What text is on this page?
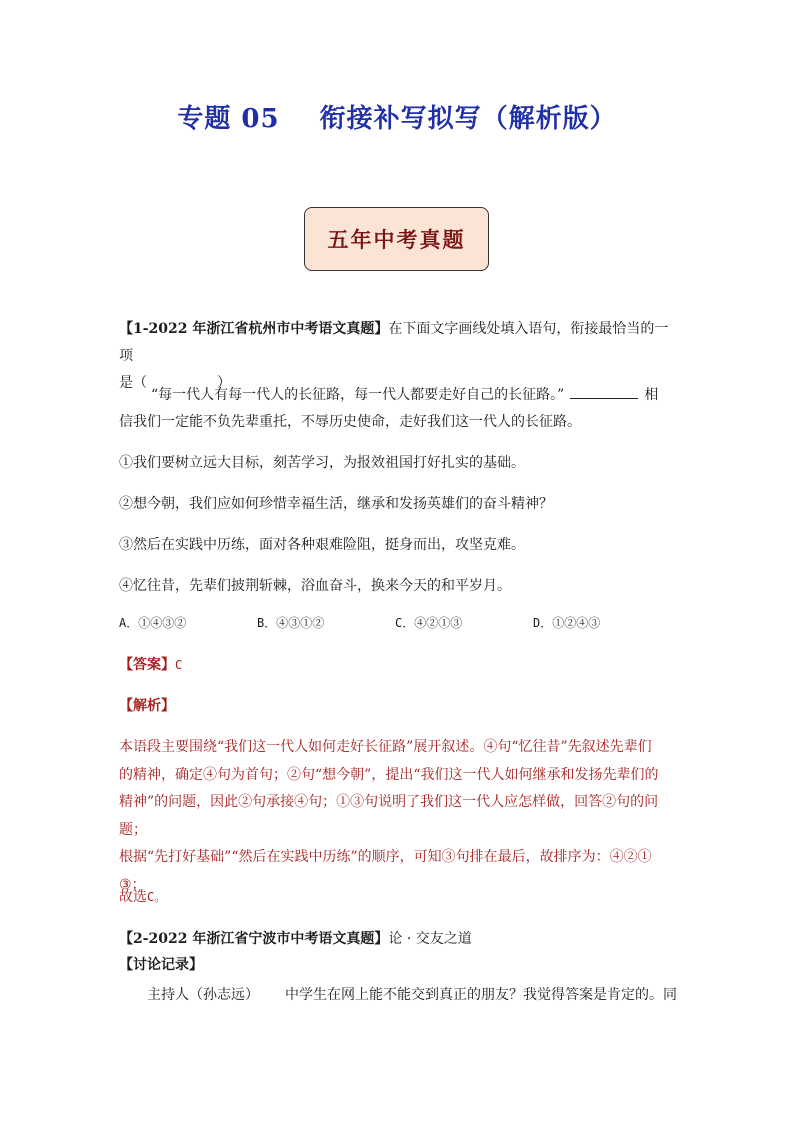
专题 05 衔接补写拟写（解析版）
五年中考真题
【1-2022 年浙江省杭州市中考语文真题】在下面文字画线处填入语句，衔接最恰当的一项
是（　　　　　）
“每一代人有每一代人的长征路，每一代人都要走好自己的长征路。”	相
信我们一定能不负先辈重托，不辱历史使命，走好我们这一代人的长征路。
①我们要树立远大目标，刻苦学习，为报效祖国打好扎实的基础。
②想今朝，我们应如何珍惜幸福生活，继承和发扬英雄们的奋斗精神？
③然后在实践中历练，面对各种艰难险阻，挺身而出，攻坚克难。
④忆往昔，先辈们披荆斩棘，浴血奋斗，换来今天的和平岁月。
A．①④③②	B．④③①②	C．④②①③	D．①②④③
【答案】C
【解析】
本语段主要围绕“我们这一代人如何走好长征路”展开叙述。④句“忆往昔”先叙述先辈们
的精神，确定④句为首句；②句“想今朝”，提出“我们这一代人如何继承和发扬先辈们的
精神”的问题，因此②句承接④句；①③句说明了我们这一代人应怎样做，回答②句的问题；
根据“先打好基础”“然后在实践中历练”的顺序，可知③句排在最后，故排序为：④②①
③；
故选C。
【2-2022 年浙江省宁波市中考语文真题】论 · 交友之道
【讨论记录】
主持人（孙志远） 中学生在网上能不能交到真正的朋友？我觉得答案是肯定的。同
